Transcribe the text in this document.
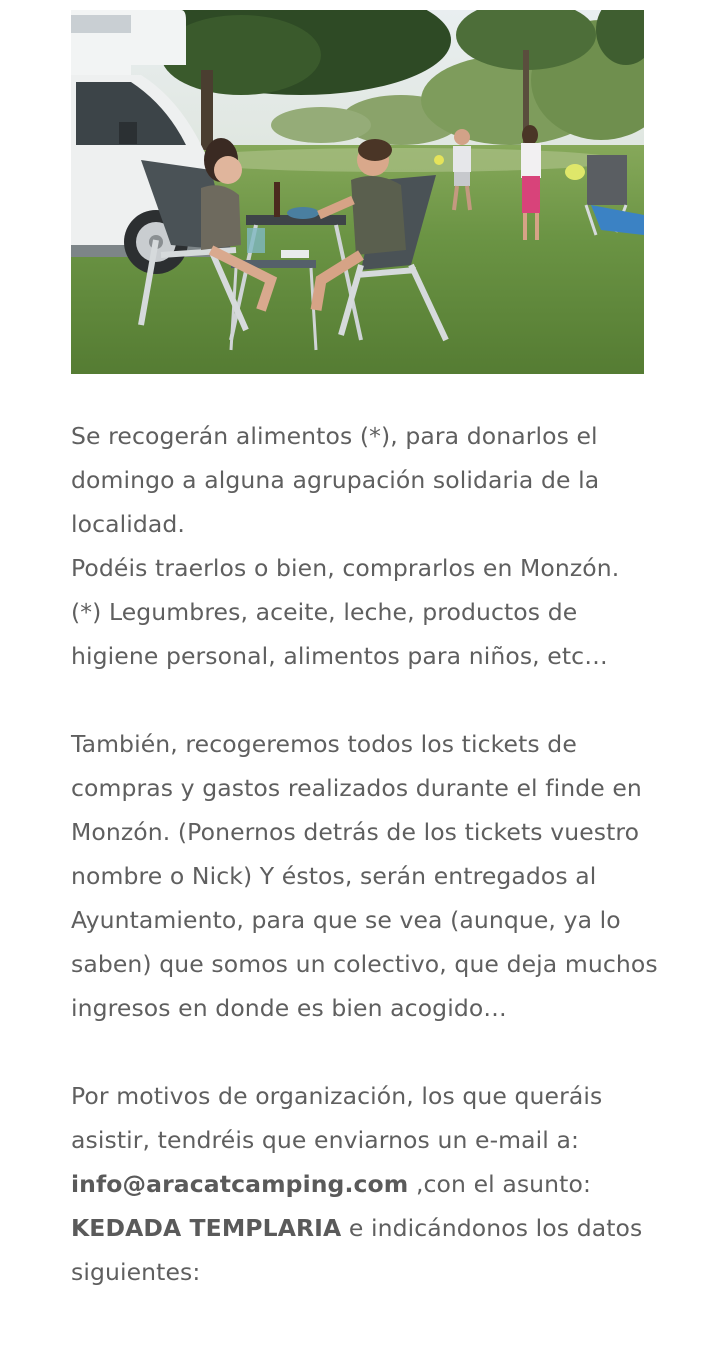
Se recogerán alimentos (*), para donarlos el domingo a alguna agrupación solidaria de la localidad.
Podéis traerlos o bien, comprarlos en Monzón.
(*) Legumbres, aceite, leche, productos de higiene personal, alimentos para niños, etc…

También, recogeremos todos los tickets de compras y gastos realizados durante el finde en Monzón. (Ponernos detrás de los tickets vuestro nombre o Nick) Y éstos, serán entregados al Ayuntamiento, para que se vea (aunque, ya lo saben) que somos un colectivo, que deja muchos ingresos en donde es bien acogido…

Por motivos de organización, los que queráis asistir, tendréis que enviarnos un e-mail a: info@aracatcamping.com ,con el asunto: KEDADA TEMPLARIA e indicándonos los datos siguientes:
